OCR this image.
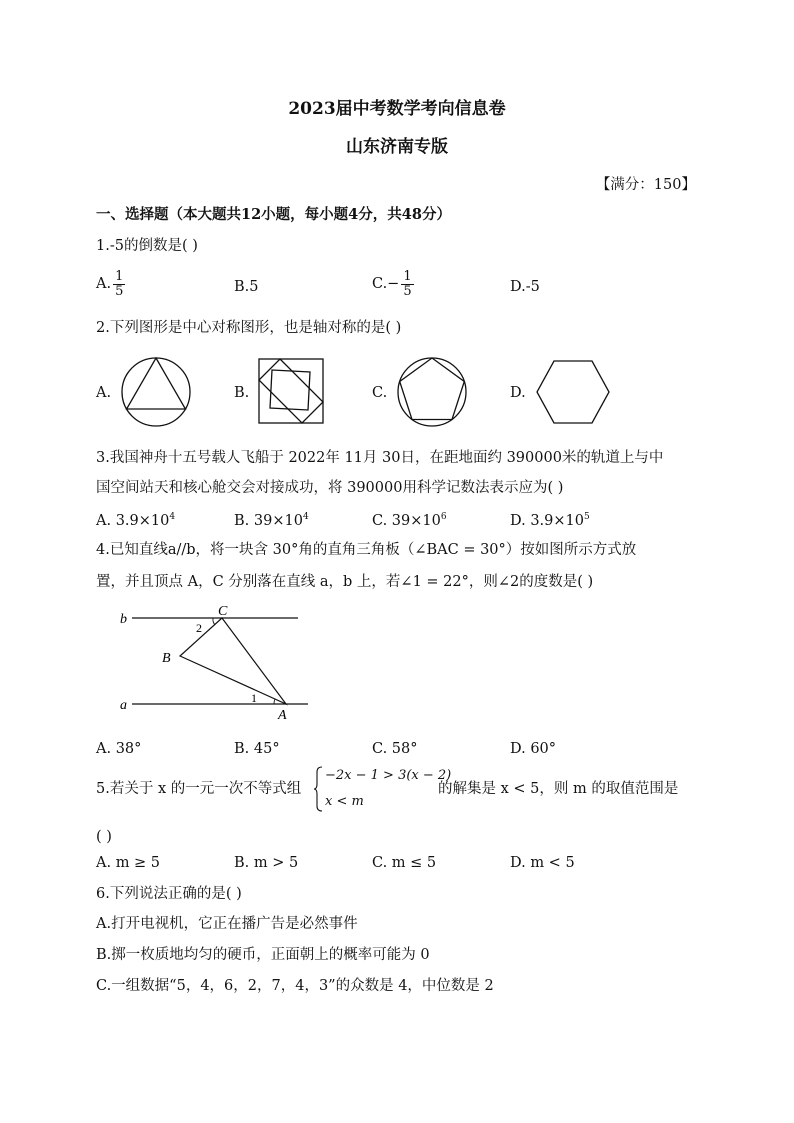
2023届中考数学考向信息卷
山东济南专版
【满分：150】
一、选择题（本大题共12小题，每小题4分，共48分）
1.-5的倒数是( )
A. $\frac{1}{5}$	B.5	$C.- \frac{1}{5}$	D.-5
2.下列图形是中心对称图形，也是轴对称的是( )
A.	B.	C.	D.
3.我国神舟十五号载人飞船于 2022年 11月 30日，在距地面约 390000米的轨道上与中
国空间站天和核心舱交会对接成功，将 390000用科学记数法表示应为( )
A. $3.9\times 10^4$	B. $39\times 10^4$	C. $39\times 10^6$	D. $3.9\times 10^5$
4.已知直线a//b，将一块含 30°角的直角三角板（∠BAC = 30°）按如图所示方式放
置，并且顶点 A，C 分别落在直线 a，b 上，若∠1 = 22°，则∠2的度数是( )
b
a
C
B
A
1
2
A. 38°	B. 45°	C. 58°	D. 60°
5.若关于 x 的一元一次不等式组
−2x − 1 > 3(x − 2)
x < m
的解集是 x < 5，则 m 的取值范围是
( )
A. m ≥ 5	B. m > 5	C. m ≤ 5	D. m < 5
6.下列说法正确的是( )
A.打开电视机，它正在播广告是必然事件
B.掷一枚质地均匀的硬币，正面朝上的概率可能为 0
C.一组数据“5，4，6，2，7，4，3”的众数是 4，中位数是 2
